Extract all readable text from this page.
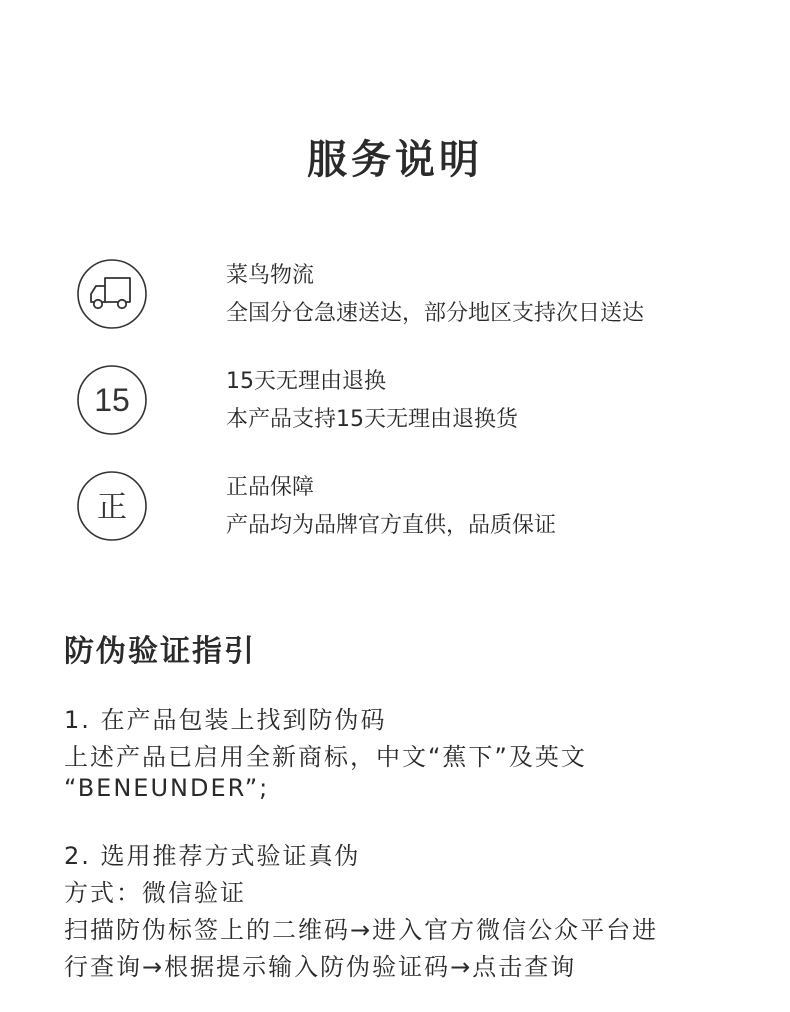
服务说明
菜鸟物流
全国分仓急速送达，部分地区支持次日送达
15
15天无理由退换
本产品支持15天无理由退换货
正
正品保障
产品均为品牌官方直供，品质保证
防伪验证指引
1. 在产品包装上找到防伪码
上述产品已启用全新商标，中文“蕉下”及英文
“BENEUNDER”;
2. 选用推荐方式验证真伪
方式：微信验证
扫描防伪标签上的二维码→进入官方微信公众平台进
行查询→根据提示输入防伪验证码→点击查询
